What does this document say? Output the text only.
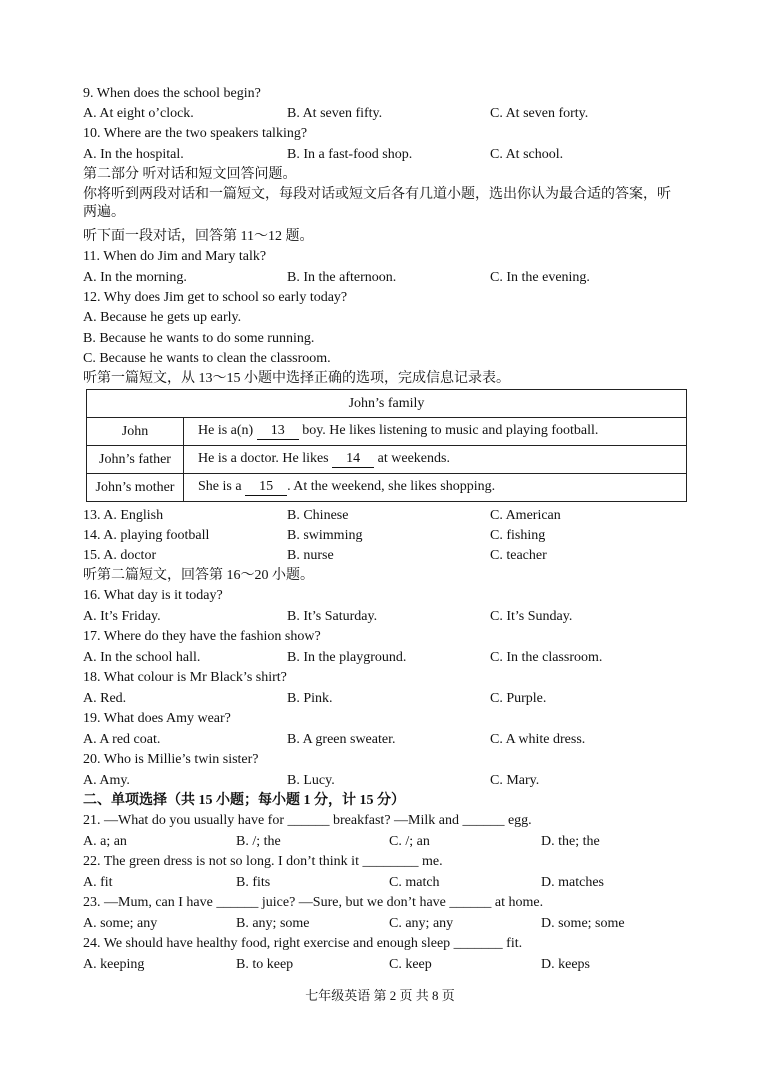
9. When does the school begin?
A. At eight o’clock.	B. At seven fifty.	C. At seven forty.
10. Where are the two speakers talking?
A. In the hospital.	B. In a fast-food shop.	C. At school.
第二部分 听对话和短文回答问题。
你将听到两段对话和一篇短文，每段对话或短文后各有几道小题，选出你认为最合适的答案，听两遍。
听下面一段对话，回答第 11～12 题。
11. When do Jim and Mary talk?
A. In the morning.	B. In the afternoon.	C. In the evening.
12. Why does Jim get to school so early today?
A. Because he gets up early.
B. Because he wants to do some running.
C. Because he wants to clean the classroom.
听第一篇短文，从 13～15 小题中选择正确的选项，完成信息记录表。
John’s family	
John	He is a(n) 13 boy. He likes listening to music and playing football.
John’s father	He is a doctor. He likes 14 at weekends.
John’s mother	She is a 15 . At the weekend, she likes shopping.
13. A. English	B. Chinese	C. American
14. A. playing football	B. swimming	C. fishing
15. A. doctor	B. nurse	C. teacher
听第二篇短文，回答第 16～20 小题。
16. What day is it today?
A. It’s Friday.	B. It’s Saturday.	C. It’s Sunday.
17. Where do they have the fashion show?
A. In the school hall.	B. In the playground.	C. In the classroom.
18. What colour is Mr Black’s shirt?
A. Red.	B. Pink.	C. Purple.
19. What does Amy wear?
A. A red coat.	B. A green sweater.	C. A white dress.
20. Who is Millie’s twin sister?
A. Amy.	B. Lucy.	C. Mary.
二、单项选择（共 15 小题；每小题 1 分，计 15 分）
21. —What do you usually have for ______ breakfast? —Milk and ______ egg.
A. a; an	B. /; the	C. /; an	D. the; the
22. The green dress is not so long. I don’t think it ________ me.
A. fit	B. fits	C. match	D. matches
23. —Mum, can I have ______ juice? —Sure, but we don’t have ______ at home.
A. some; any	B. any; some	C. any; any	D. some; some
24. We should have healthy food, right exercise and enough sleep _______ fit.
A. keeping	B. to keep	C. keep	D. keeps
七年级英语 第 2 页 共 8 页
